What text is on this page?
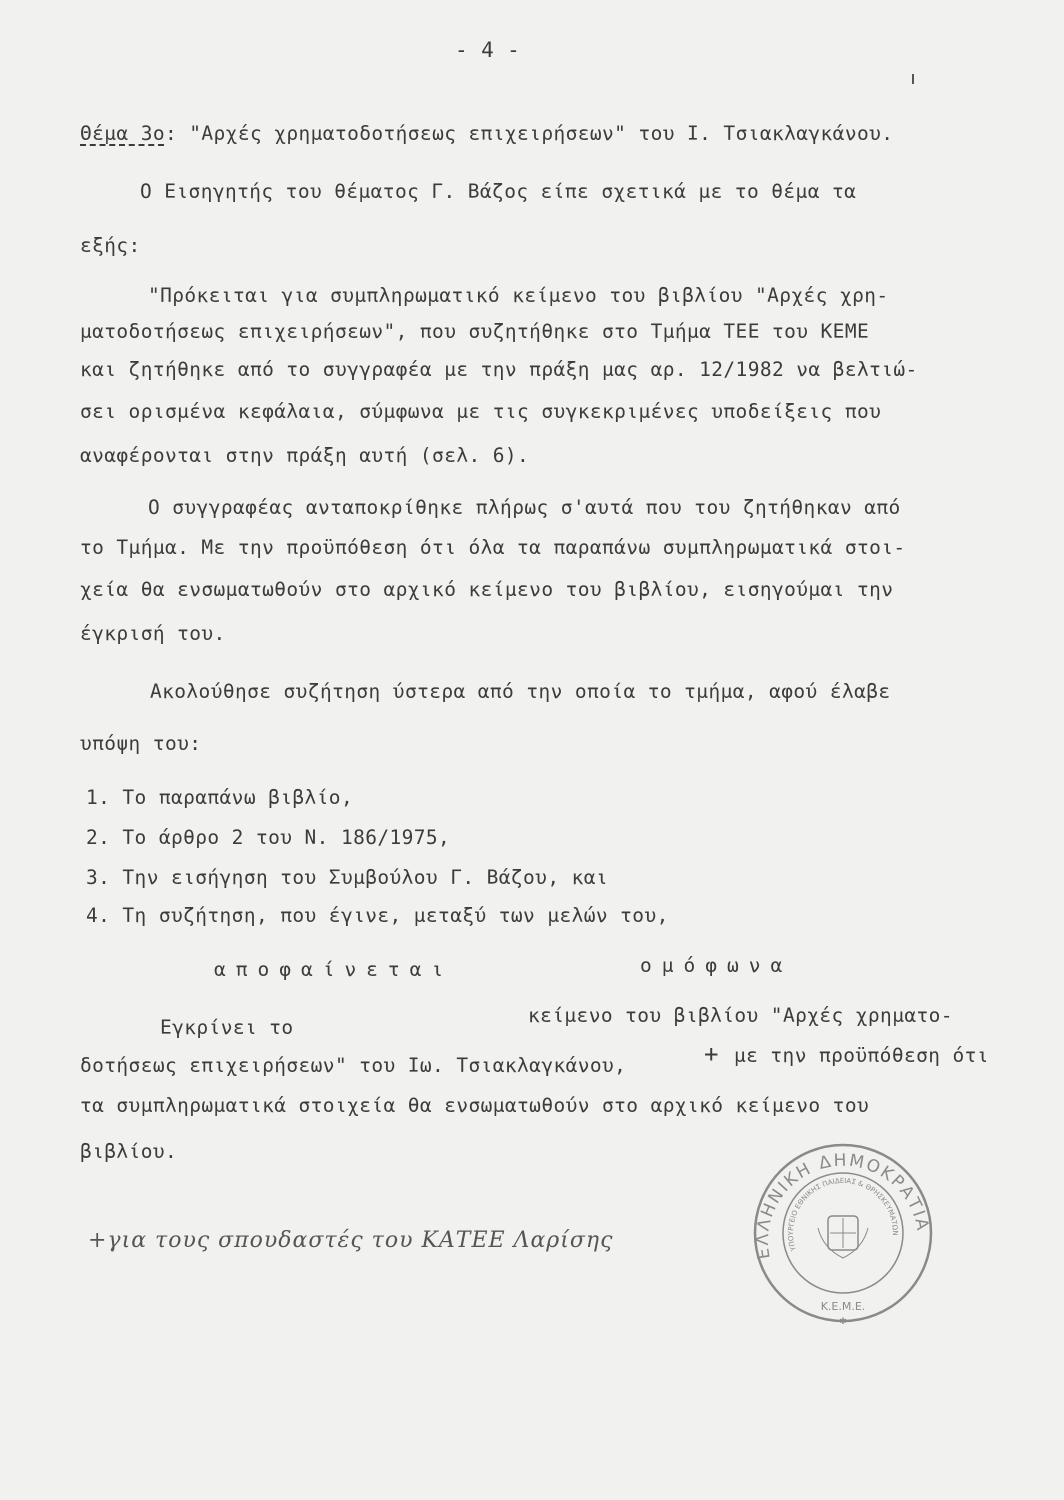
- 4 -
Θέμα 3ο: "Αρχές χρηματοδοτήσεως επιχειρήσεων" του Ι. Τσιακλαγκάνου.
O Εισηγητής του θέματος Γ. Βάζος είπε σχετικά με το θέμα τα
εξής:
"Πρόκειται για συμπληρωματικό κείμενο του βιβλίου "Αρχές χρη-
ματοδοτήσεως επιχειρήσεων", που συζητήθηκε στο Τμήμα ΤΕΕ του ΚΕΜΕ
και ζητήθηκε από το συγγραφέα με την πράξη μας αρ. 12/1982 να βελτιώ-
σει ορισμένα κεφάλαια, σύμφωνα με τις συγκεκριμένες υποδείξεις που
αναφέρονται στην πράξη αυτή (σελ. 6).
O συγγραφέας ανταποκρίθηκε πλήρως σ'αυτά που του ζητήθηκαν από
το Τμήμα. Με την προϋπόθεση ότι όλα τα παραπάνω συμπληρωματικά στοι-
χεία θα ενσωματωθούν στο αρχικό κείμενο του βιβλίου, εισηγούμαι την
έγκρισή του.
Ακολούθησε συζήτηση ύστερα από την οποία το τμήμα, αφού έλαβε
υπόψη του:
1. Το παραπάνω βιβλίο,
2. Το άρθρο 2 του Ν. 186/1975,
3. Την εισήγηση του Συμβούλου Γ. Βάζου, και
4. Τη συζήτηση, που έγινε, μεταξύ των μελών του,
αποφαίνεται	ομόφωνα
Εγκρίνει το
κείμενο του βιβλίου "Αρχές χρηματο-
δοτήσεως επιχειρήσεων" του Ιω. Τσιακλαγκάνου,	+ με την προϋπόθεση ότι
τα συμπληρωματικά στοιχεία θα ενσωματωθούν στο αρχικό κείμενο του
βιβλίου.
+για τους σπουδαστές του ΚΑΤΕΕ Λαρίσης	ΕΛΛΗΝΙΚΗ ΔΗΜΟΚΡΑΤΙΑ
ΥΠΟΥΡΓΕΙΟ ΕΘΝΙΚΗΣ ΠΑΙΔΕΙΑΣ & ΘΡΗΣΚΕΥΜΑΤΩΝ
Κ.Ε.Μ.Ε.
✱
